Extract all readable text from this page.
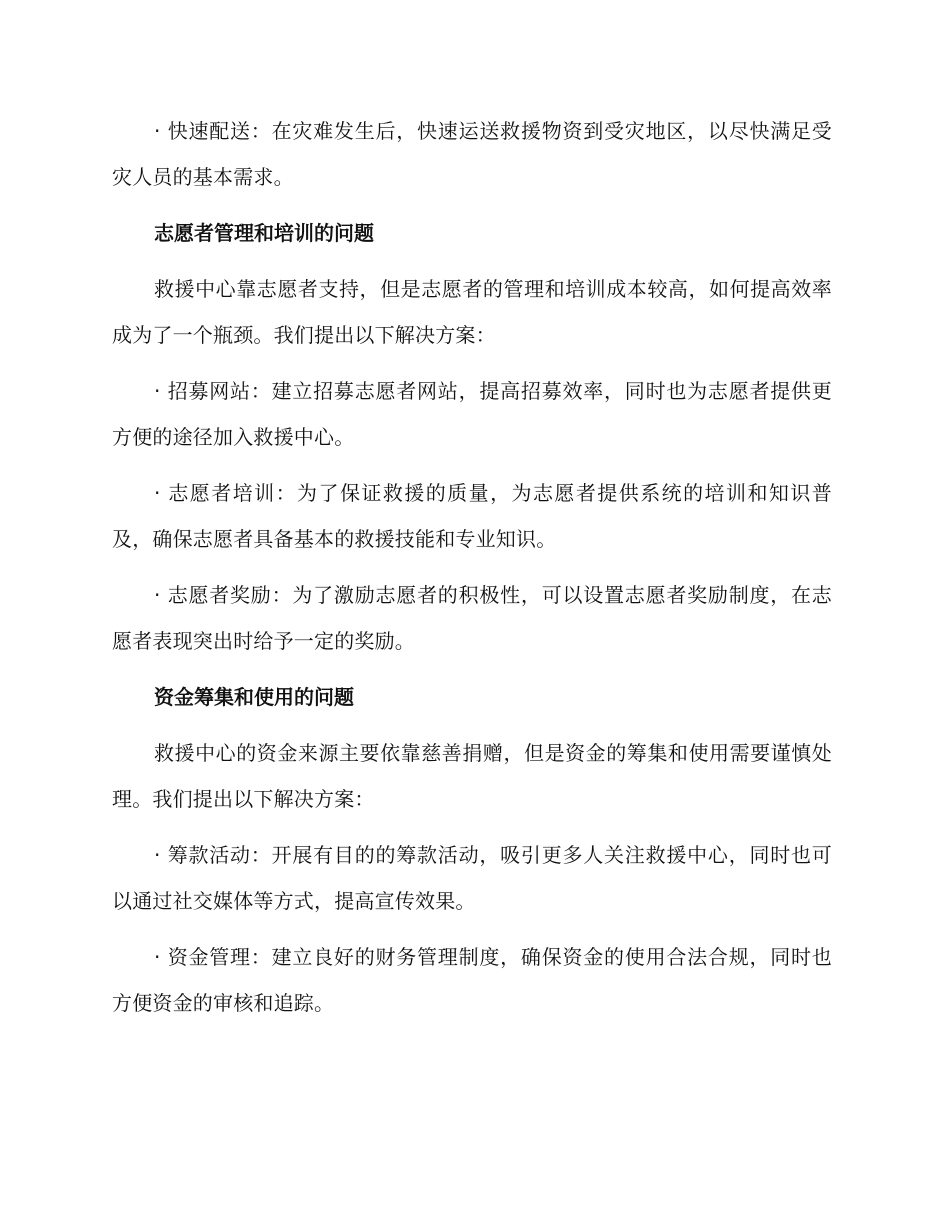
· 快速配送：在灾难发生后，快速运送救援物资到受灾地区，以尽快满足受灾人员的基本需求。

志愿者管理和培训的问题

救援中心靠志愿者支持，但是志愿者的管理和培训成本较高，如何提高效率成为了一个瓶颈。我们提出以下解决方案：

· 招募网站：建立招募志愿者网站，提高招募效率，同时也为志愿者提供更方便的途径加入救援中心。

· 志愿者培训：为了保证救援的质量，为志愿者提供系统的培训和知识普及，确保志愿者具备基本的救援技能和专业知识。

· 志愿者奖励：为了激励志愿者的积极性，可以设置志愿者奖励制度，在志愿者表现突出时给予一定的奖励。

资金筹集和使用的问题

救援中心的资金来源主要依靠慈善捐赠，但是资金的筹集和使用需要谨慎处理。我们提出以下解决方案：

· 筹款活动：开展有目的的筹款活动，吸引更多人关注救援中心，同时也可以通过社交媒体等方式，提高宣传效果。

· 资金管理：建立良好的财务管理制度，确保资金的使用合法合规，同时也方便资金的审核和追踪。
